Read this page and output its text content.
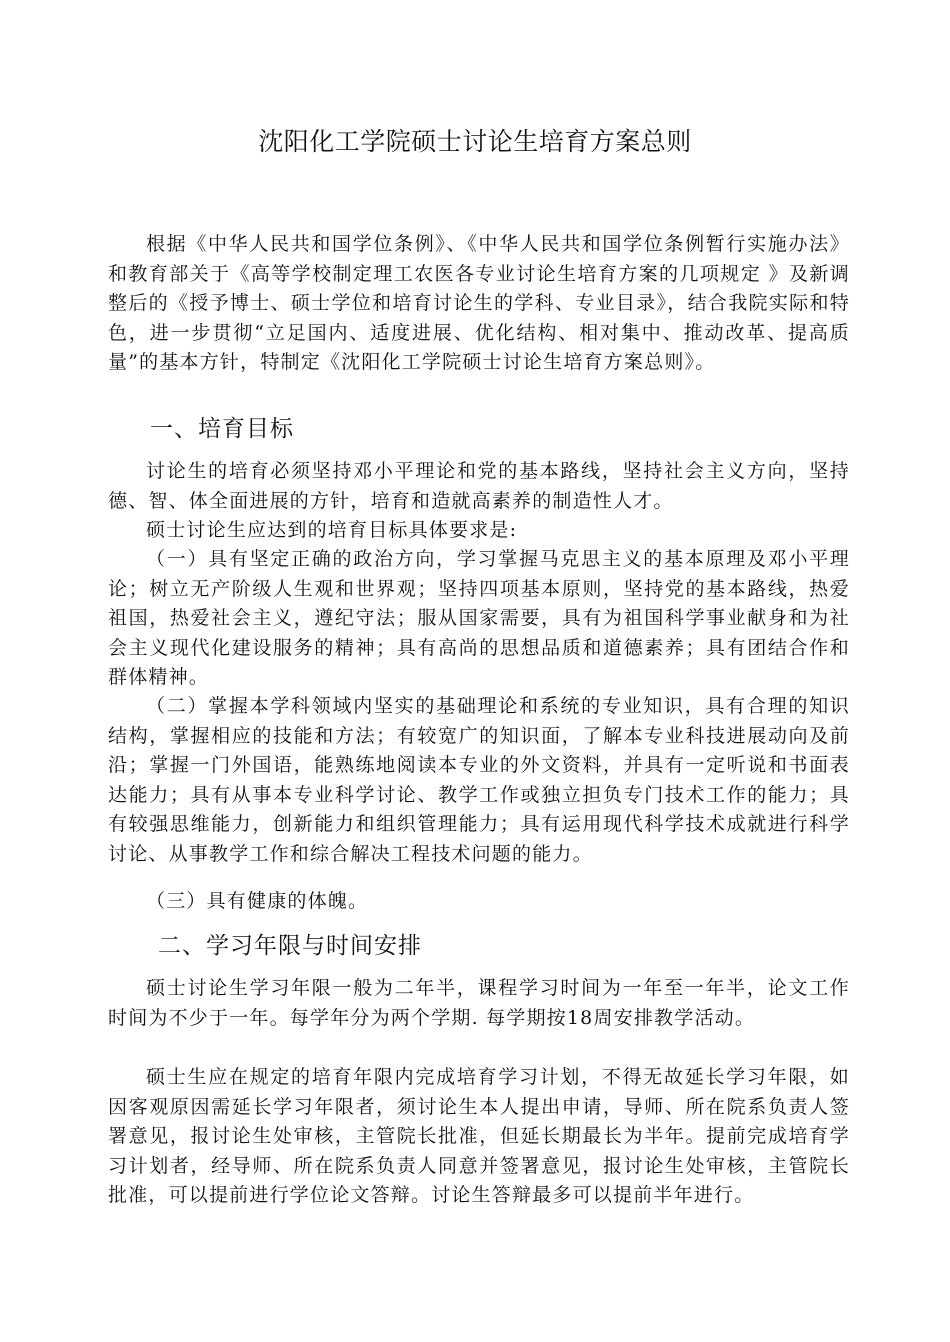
沈阳化工学院硕士讨论生培育方案总则

根据《中华人民共和国学位条例》、《中华人民共和国学位条例暂行实施办法》和教育部关于《高等学校制定理工农医各专业讨论生培育方案的几项规定 》及新调整后的《授予博士、硕士学位和培育讨论生的学科、专业目录》，结合我院实际和特色，进一步贯彻“立足国内、适度进展、优化结构、相对集中、推动改革、提高质量”的基本方针，特制定《沈阳化工学院硕士讨论生培育方案总则》。

一、培育目标

讨论生的培育必须坚持邓小平理论和党的基本路线，坚持社会主义方向，坚持德、智、体全面进展的方针，培育和造就高素养的制造性人才。

硕士讨论生应达到的培育目标具体要求是:

（一）具有坚定正确的政治方向，学习掌握马克思主义的基本原理及邓小平理论；树立无产阶级人生观和世界观；坚持四项基本原则，坚持党的基本路线，热爱祖国，热爱社会主义，遵纪守法；服从国家需要，具有为祖国科学事业献身和为社会主义现代化建设服务的精神；具有高尚的思想品质和道德素养；具有团结合作和群体精神。

（二）掌握本学科领域内坚实的基础理论和系统的专业知识，具有合理的知识结构，掌握相应的技能和方法；有较宽广的知识面，了解本专业科技进展动向及前沿；掌握一门外国语，能熟练地阅读本专业的外文资料，并具有一定听说和书面表达能力；具有从事本专业科学讨论、教学工作或独立担负专门技术工作的能力；具有较强思维能力，创新能力和组织管理能力；具有运用现代科学技术成就进行科学讨论、从事教学工作和综合解决工程技术问题的能力。

（三）具有健康的体魄。

二、学习年限与时间安排

硕士讨论生学习年限一般为二年半，课程学习时间为一年至一年半，论文工作时间为不少于一年。每学年分为两个学期. 每学期按18周安排教学活动。

硕士生应在规定的培育年限内完成培育学习计划，不得无故延长学习年限，如因客观原因需延长学习年限者，须讨论生本人提出申请，导师、所在院系负责人签署意见，报讨论生处审核，主管院长批准，但延长期最长为半年。提前完成培育学习计划者，经导师、所在院系负责人同意并签署意见，报讨论生处审核，主管院长批准，可以提前进行学位论文答辩。讨论生答辩最多可以提前半年进行。
